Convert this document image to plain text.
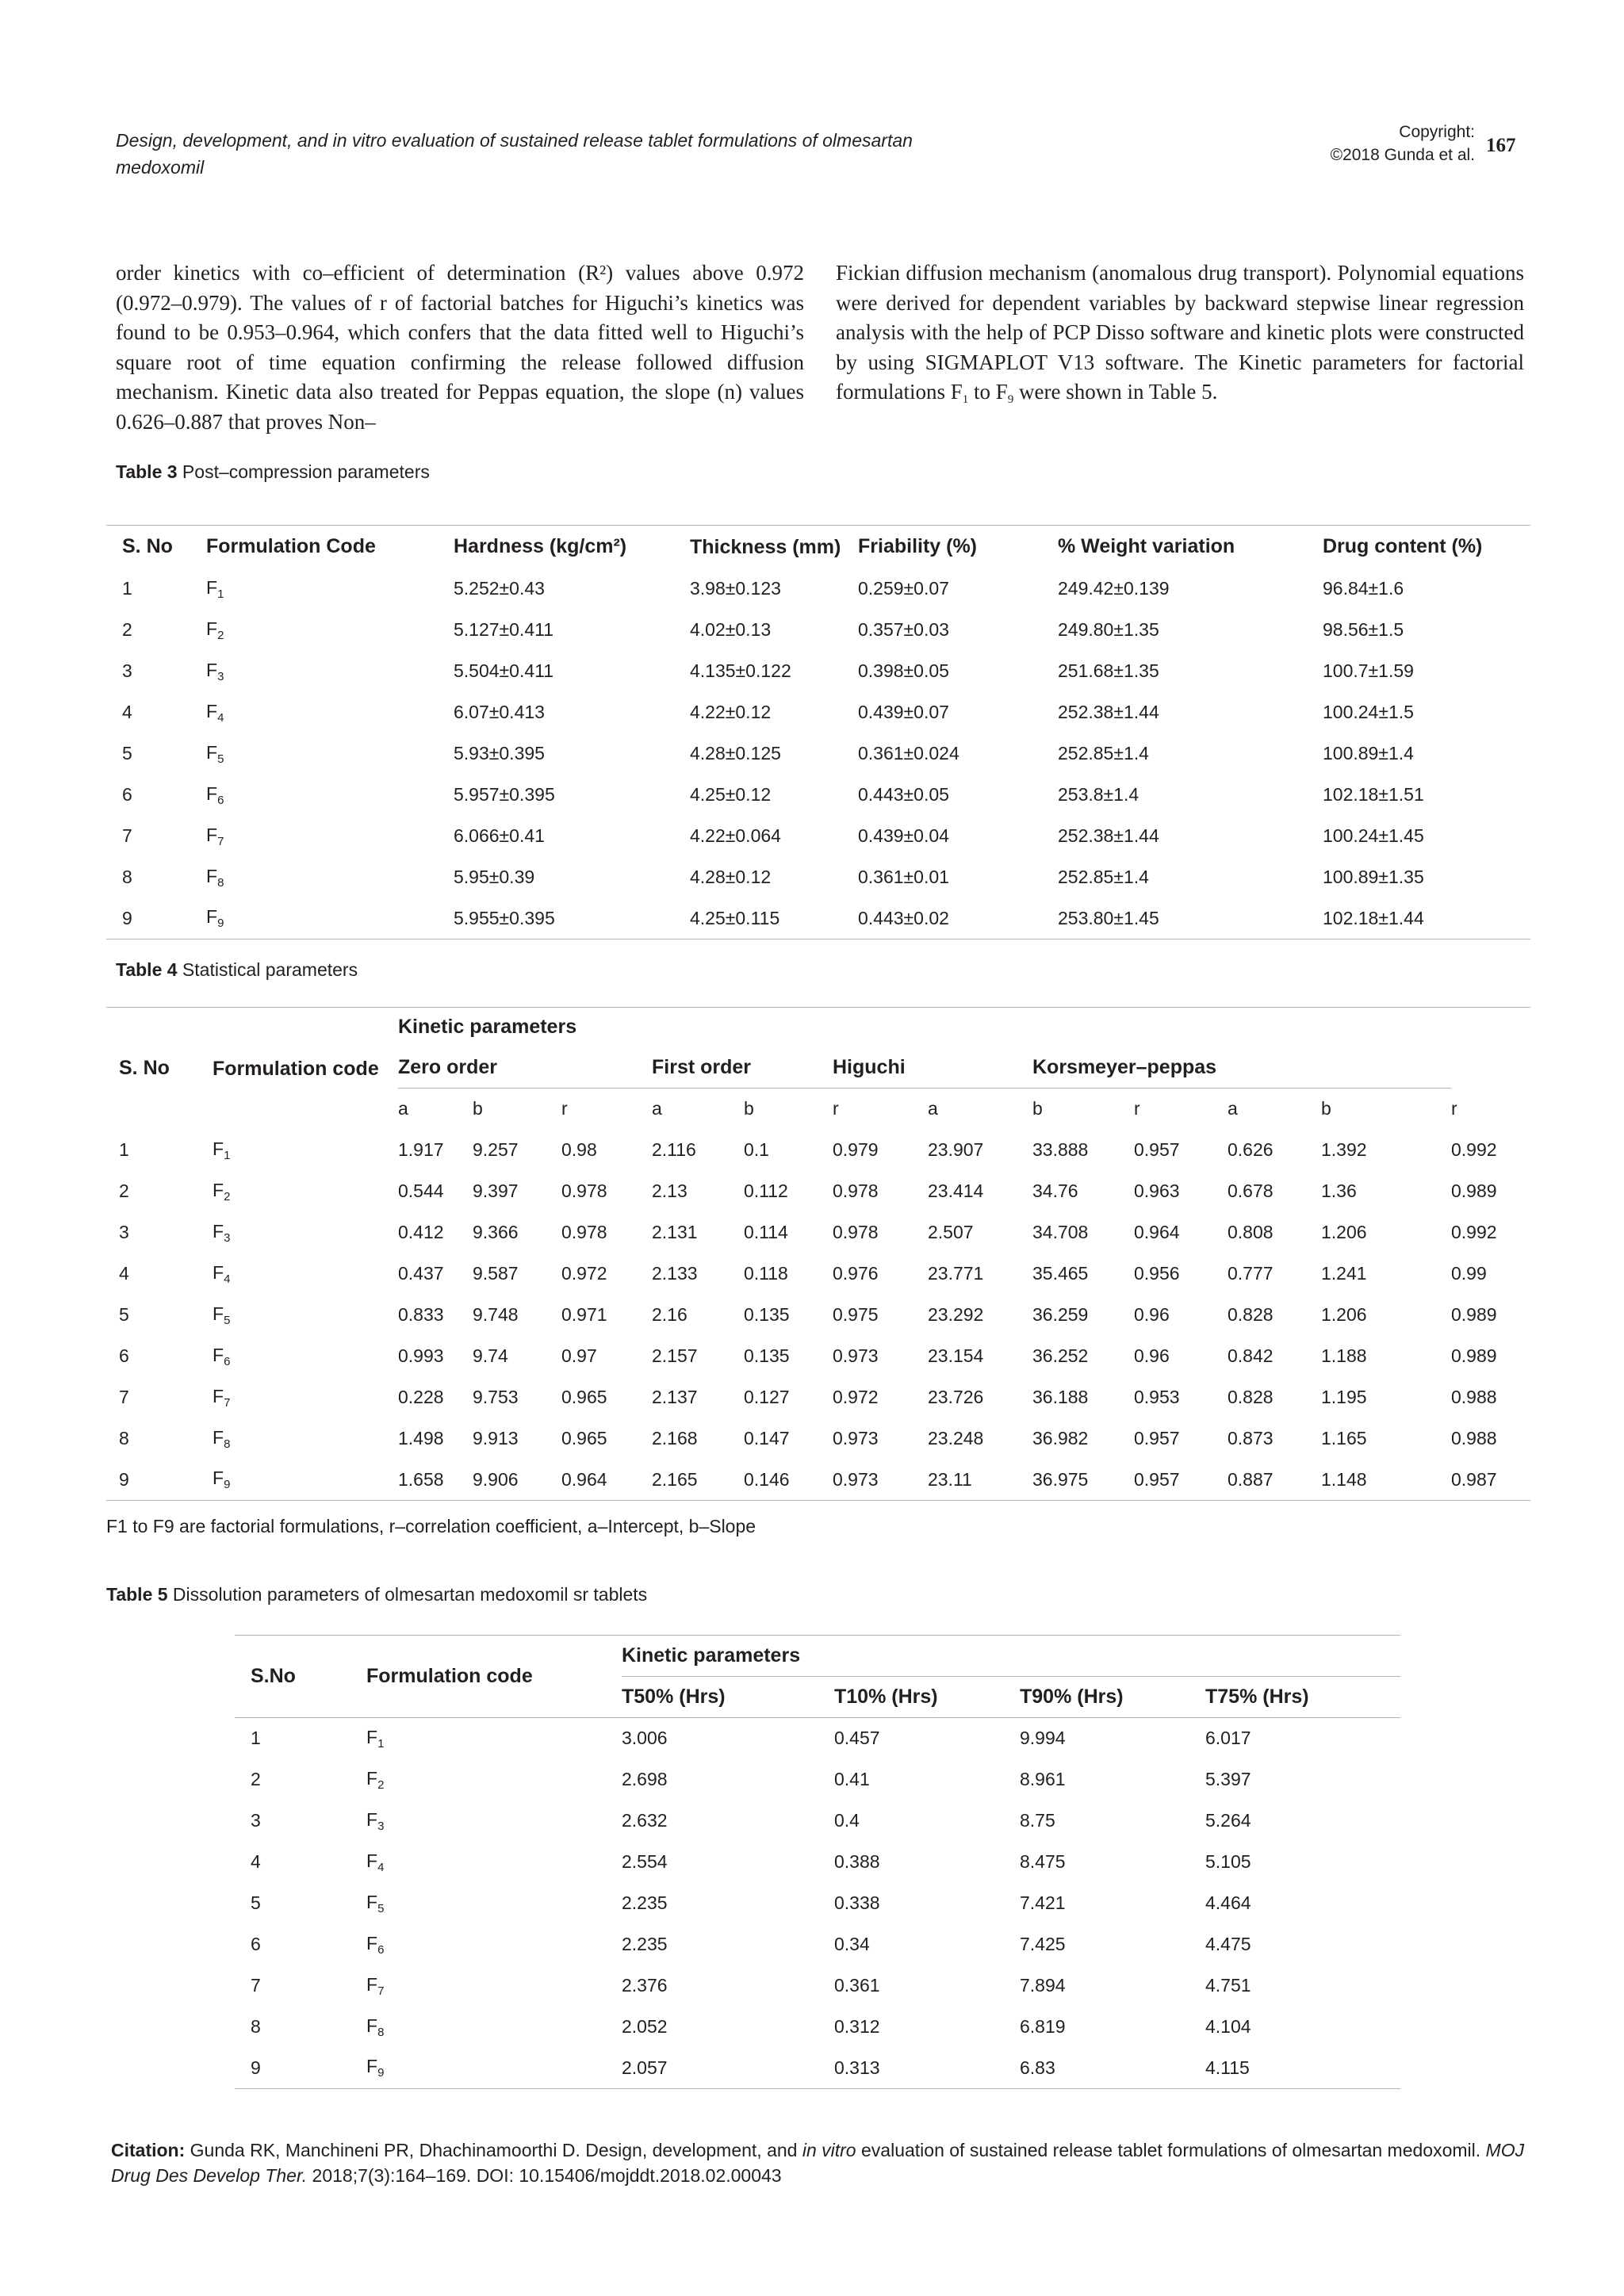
Design, development, and in vitro evaluation of sustained release tablet formulations of olmesartan medoxomil
Copyright:
©2018 Gunda et al. 167
order kinetics with co–efficient of determination (R²) values above 0.972 (0.972–0.979). The values of r of factorial batches for Higuchi’s kinetics was found to be 0.953–0.964, which confers that the data fitted well to Higuchi’s square root of time equation confirming the release followed diffusion mechanism. Kinetic data also treated for Peppas equation, the slope (n) values 0.626–0.887 that proves Non–
Fickian diffusion mechanism (anomalous drug transport). Polynomial equations were derived for dependent variables by backward stepwise linear regression analysis with the help of PCP Disso software and kinetic plots were constructed by using SIGMAPLOT V13 software. The Kinetic parameters for factorial formulations $F_1$ to $F_9$ were shown in Table 5.
Table 3 Post–compression parameters
S. No	Formulation Code	Hardness (kg/cm²)	Thickness (mm)	Friability (%)	% Weight variation	Drug content (%)
1	$F_1$	5.252±0.43	3.98±0.123	0.259±0.07	249.42±0.139	96.84±1.6
2	$F_2$	5.127±0.411	4.02±0.13	0.357±0.03	249.80±1.35	98.56±1.5
3	$F_3$	5.504±0.411	4.135±0.122	0.398±0.05	251.68±1.35	100.7±1.59
4	$F_4$	6.07±0.413	4.22±0.12	0.439±0.07	252.38±1.44	100.24±1.5
5	$F_5$	5.93±0.395	4.28±0.125	0.361±0.024	252.85±1.4	100.89±1.4
6	$F_6$	5.957±0.395	4.25±0.12	0.443±0.05	253.8±1.4	102.18±1.51
7	$F_7$	6.066±0.41	4.22±0.064	0.439±0.04	252.38±1.44	100.24±1.45
8	$F_8$	5.95±0.39	4.28±0.12	0.361±0.01	252.85±1.4	100.89±1.35
9	$F_9$	5.955±0.395	4.25±0.115	0.443±0.02	253.80±1.45	102.18±1.44
Table 4 Statistical parameters
S. No	Formulation code	Kinetic parameters											
		Zero order			First order		Higuchi		Korsmeyer–peppas				
		a	b	r	a	b	r	a	b	r	a	b	r
1	$F_1$	1.917	9.257	0.98	2.116	0.1	0.979	23.907	33.888	0.957	0.626	1.392	0.992
2	$F_2$	0.544	9.397	0.978	2.13	0.112	0.978	23.414	34.76	0.963	0.678	1.36	0.989
3	$F_3$	0.412	9.366	0.978	2.131	0.114	0.978	2.507	34.708	0.964	0.808	1.206	0.992
4	$F_4$	0.437	9.587	0.972	2.133	0.118	0.976	23.771	35.465	0.956	0.777	1.241	0.99
5	$F_5$	0.833	9.748	0.971	2.16	0.135	0.975	23.292	36.259	0.96	0.828	1.206	0.989
6	$F_6$	0.993	9.74	0.97	2.157	0.135	0.973	23.154	36.252	0.96	0.842	1.188	0.989
7	$F_7$	0.228	9.753	0.965	2.137	0.127	0.972	23.726	36.188	0.953	0.828	1.195	0.988
8	$F_8$	1.498	9.913	0.965	2.168	0.147	0.973	23.248	36.982	0.957	0.873	1.165	0.988
9	$F_9$	1.658	9.906	0.964	2.165	0.146	0.973	23.11	36.975	0.957	0.887	1.148	0.987
F1 to F9 are factorial formulations, r–correlation coefficient, a–Intercept, b–Slope
Table 5 Dissolution parameters of olmesartan medoxomil sr tablets
S.No	Formulation code	Kinetic parameters			
		T50% (Hrs)	T10% (Hrs)	T90% (Hrs)	T75% (Hrs)
1	$F_1$	3.006	0.457	9.994	6.017
2	$F_2$	2.698	0.41	8.961	5.397
3	$F_3$	2.632	0.4	8.75	5.264
4	$F_4$	2.554	0.388	8.475	5.105
5	$F_5$	2.235	0.338	7.421	4.464
6	$F_6$	2.235	0.34	7.425	4.475
7	$F_7$	2.376	0.361	7.894	4.751
8	$F_8$	2.052	0.312	6.819	4.104
9	$F_9$	2.057	0.313	6.83	4.115
Citation: Gunda RK, Manchineni PR, Dhachinamoorthi D. Design, development, and in vitro evaluation of sustained release tablet formulations of olmesartan medoxomil. MOJ Drug Des Develop Ther. 2018;7(3):164‒169. DOI: 10.15406/mojddt.2018.02.00043
